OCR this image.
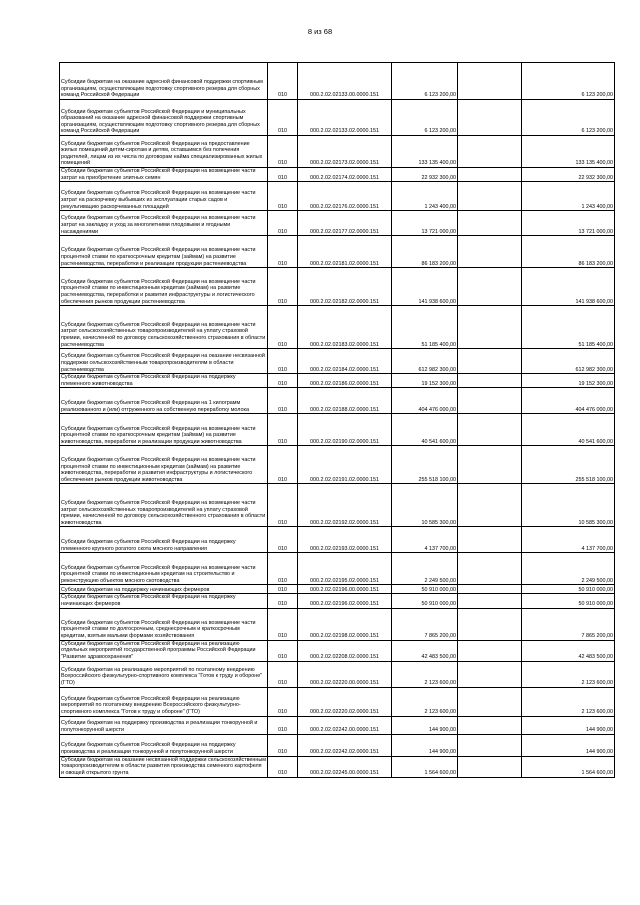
8 из 68
Субсидии бюджетам на оказание адресной финансовой поддержки спортивным организациям, осуществляющим подготовку спортивного резерва для сборных команд Российской Федерации	010	000.2.02.02133.00.0000.151	6 123 200,00		6 123 200,00
Субсидии бюджетам субъектов Российской Федерации и муниципальных образований на оказание адресной финансовой поддержки спортивным организациям, осуществляющим подготовку спортивного резерва для сборных команд Российской Федерации	010	000.2.02.02133.02.0000.151	6 123 200,00		6 123 200,00
Субсидии бюджетам субъектов Российской Федерации на предоставление жилых помещений детям-сиротам и детям, оставшимся без попечения родителей, лицам из их числа по договорам найма специализированных жилых помещений	010	000.2.02.02173.02.0000.151	133 135 400,00		133 135 400,00
Субсидии бюджетам субъектов Российской Федерации на возмещение части затрат на приобретение элитных семян	010	000.2.02.02174.02.0000.151	22 932 300,00		22 932 300,00
Субсидии бюджетам субъектов Российской Федерации на возмещение части затрат на раскорчевку выбывших из эксплуатации старых садов и рекультивацию раскорчеванных площадей	010	000.2.02.02176.02.0000.151	1 243 400,00		1 243 400,00
Субсидии бюджетам субъектов Российской Федерации на возмещение части затрат на закладку и уход за многолетними плодовыми и ягодными насаждениями	010	000.2.02.02177.02.0000.151	13 721 000,00		13 721 000,00
Субсидии бюджетам субъектов Российской Федерации на возмещение части процентной ставки по краткосрочным кредитам (займам) на развитие растениеводства, переработки и реализации продукции растениеводства	010	000.2.02.02181.02.0000.151	86 183 200,00		86 183 200,00
Субсидии бюджетам субъектов Российской Федерации на возмещение части процентной ставки по инвестиционным кредитам (займам) на развитие растениеводства, переработки и развития инфраструктуры и логистического обеспечения рынков продукции растениеводства	010	000.2.02.02182.02.0000.151	141 938 600,00		141 938 600,00
Субсидии бюджетам субъектов Российской Федерации на возмещение части затрат сельскохозяйственных товаропроизводителей на уплату страховой премии, начисленной по договору сельскохозяйственного страхования в области растениеводства	010	000.2.02.02183.02.0000.151	51 185 400,00		51 185 400,00
Субсидии бюджетам субъектов Российской Федерации на оказание несвязанной поддержки сельскохозяйственным товаропроизводителям в области растениеводства	010	000.2.02.02184.02.0000.151	612 982 300,00		612 982 300,00
Субсидии бюджетам субъектов Российской Федерации на поддержку племенного животноводства	010	000.2.02.02186.02.0000.151	19 152 300,00		19 152 300,00
Субсидии бюджетам субъектов Российской Федерации на 1 килограмм реализованного и (или) отгруженного на собственную переработку молока	010	000.2.02.02188.02.0000.151	404 476 000,00		404 476 000,00
Субсидии бюджетам субъектов Российской Федерации на возмещение части процентной ставки по краткосрочным кредитам (займам) на развитие животноводства, переработки и реализации продукции животноводства	010	000.2.02.02190.02.0000.151	40 541 600,00		40 541 600,00
Субсидии бюджетам субъектов Российской Федерации на возмещение части процентной ставки по инвестиционным кредитам (займам) на развитие животноводства, переработки и развития инфраструктуры и логистического обеспечения рынков продукции животноводства	010	000.2.02.02191.02.0000.151	255 518 100,00		255 518 100,00
Субсидии бюджетам субъектов Российской Федерации на возмещение части затрат сельскохозяйственных товаропроизводителей на уплату страховой премии, начисленной по договору сельскохозяйственного страхования в области животноводства	010	000.2.02.02192.02.0000.151	10 585 300,00		10 585 300,00
Субсидии бюджетам субъектов Российской Федерации на поддержку племенного крупного рогатого скота мясного направления	010	000.2.02.02193.02.0000.151	4 137 700,00		4 137 700,00
Субсидии бюджетам субъектов Российской Федерации на возмещение части процентной ставки по инвестиционным кредитам на строительство и реконструкцию объектов мясного скотоводства	010	000.2.02.02195.02.0000.151	2 249 500,00		2 249 500,00
Субсидии бюджетам на поддержку начинающих фермеров	010	000.2.02.02196.00.0000.151	50 910 000,00		50 910 000,00
Субсидии бюджетам субъектов Российской Федерации на поддержку начинающих фермеров	010	000.2.02.02196.02.0000.151	50 910 000,00		50 910 000,00
Субсидии бюджетам субъектов Российской Федерации на возмещение части процентной ставки по долгосрочным, среднесрочным и краткосрочным кредитам, взятым малыми формами хозяйствования	010	000.2.02.02198.02.0000.151	7 865 200,00		7 865 200,00
Субсидии бюджетам субъектов Российской Федерации на реализацию отдельных мероприятий государственной программы Российской Федерации "Развитие здравоохранения"	010	000.2.02.02208.02.0000.151	42 483 500,00		42 483 500,00
Субсидии бюджетам на реализацию мероприятий по поэтапному внедрению Всероссийского физкультурно-спортивного комплекса "Готов к труду и обороне" (ГТО)	010	000.2.02.02220.00.0000.151	2 123 600,00		2 123 600,00
Субсидии бюджетам субъектов Российской Федерации на реализацию мероприятий по поэтапному внедрению Всероссийского физкультурно-спортивного комплекса "Готов к труду и обороне" (ГТО)	010	000.2.02.02220.02.0000.151	2 123 600,00		2 123 600,00
Субсидии бюджетам на поддержку производства и реализации тонкорунной и полутонкорунной шерсти	010	000.2.02.02242.00.0000.151	144 900,00		144 900,00
Субсидии бюджетам субъектов Российской Федерации на поддержку производства и реализации тонкорунной и полутонкорунной шерсти	010	000.2.02.02242.02.0000.151	144 900,00		144 900,00
Субсидии бюджетам на оказание несвязанной поддержки сельскохозяйственным товаропроизводителям в области развития производства семенного картофеля и овощей открытого грунта	010	000.2.02.02245.00.0000.151	1 564 600,00		1 564 600,00
